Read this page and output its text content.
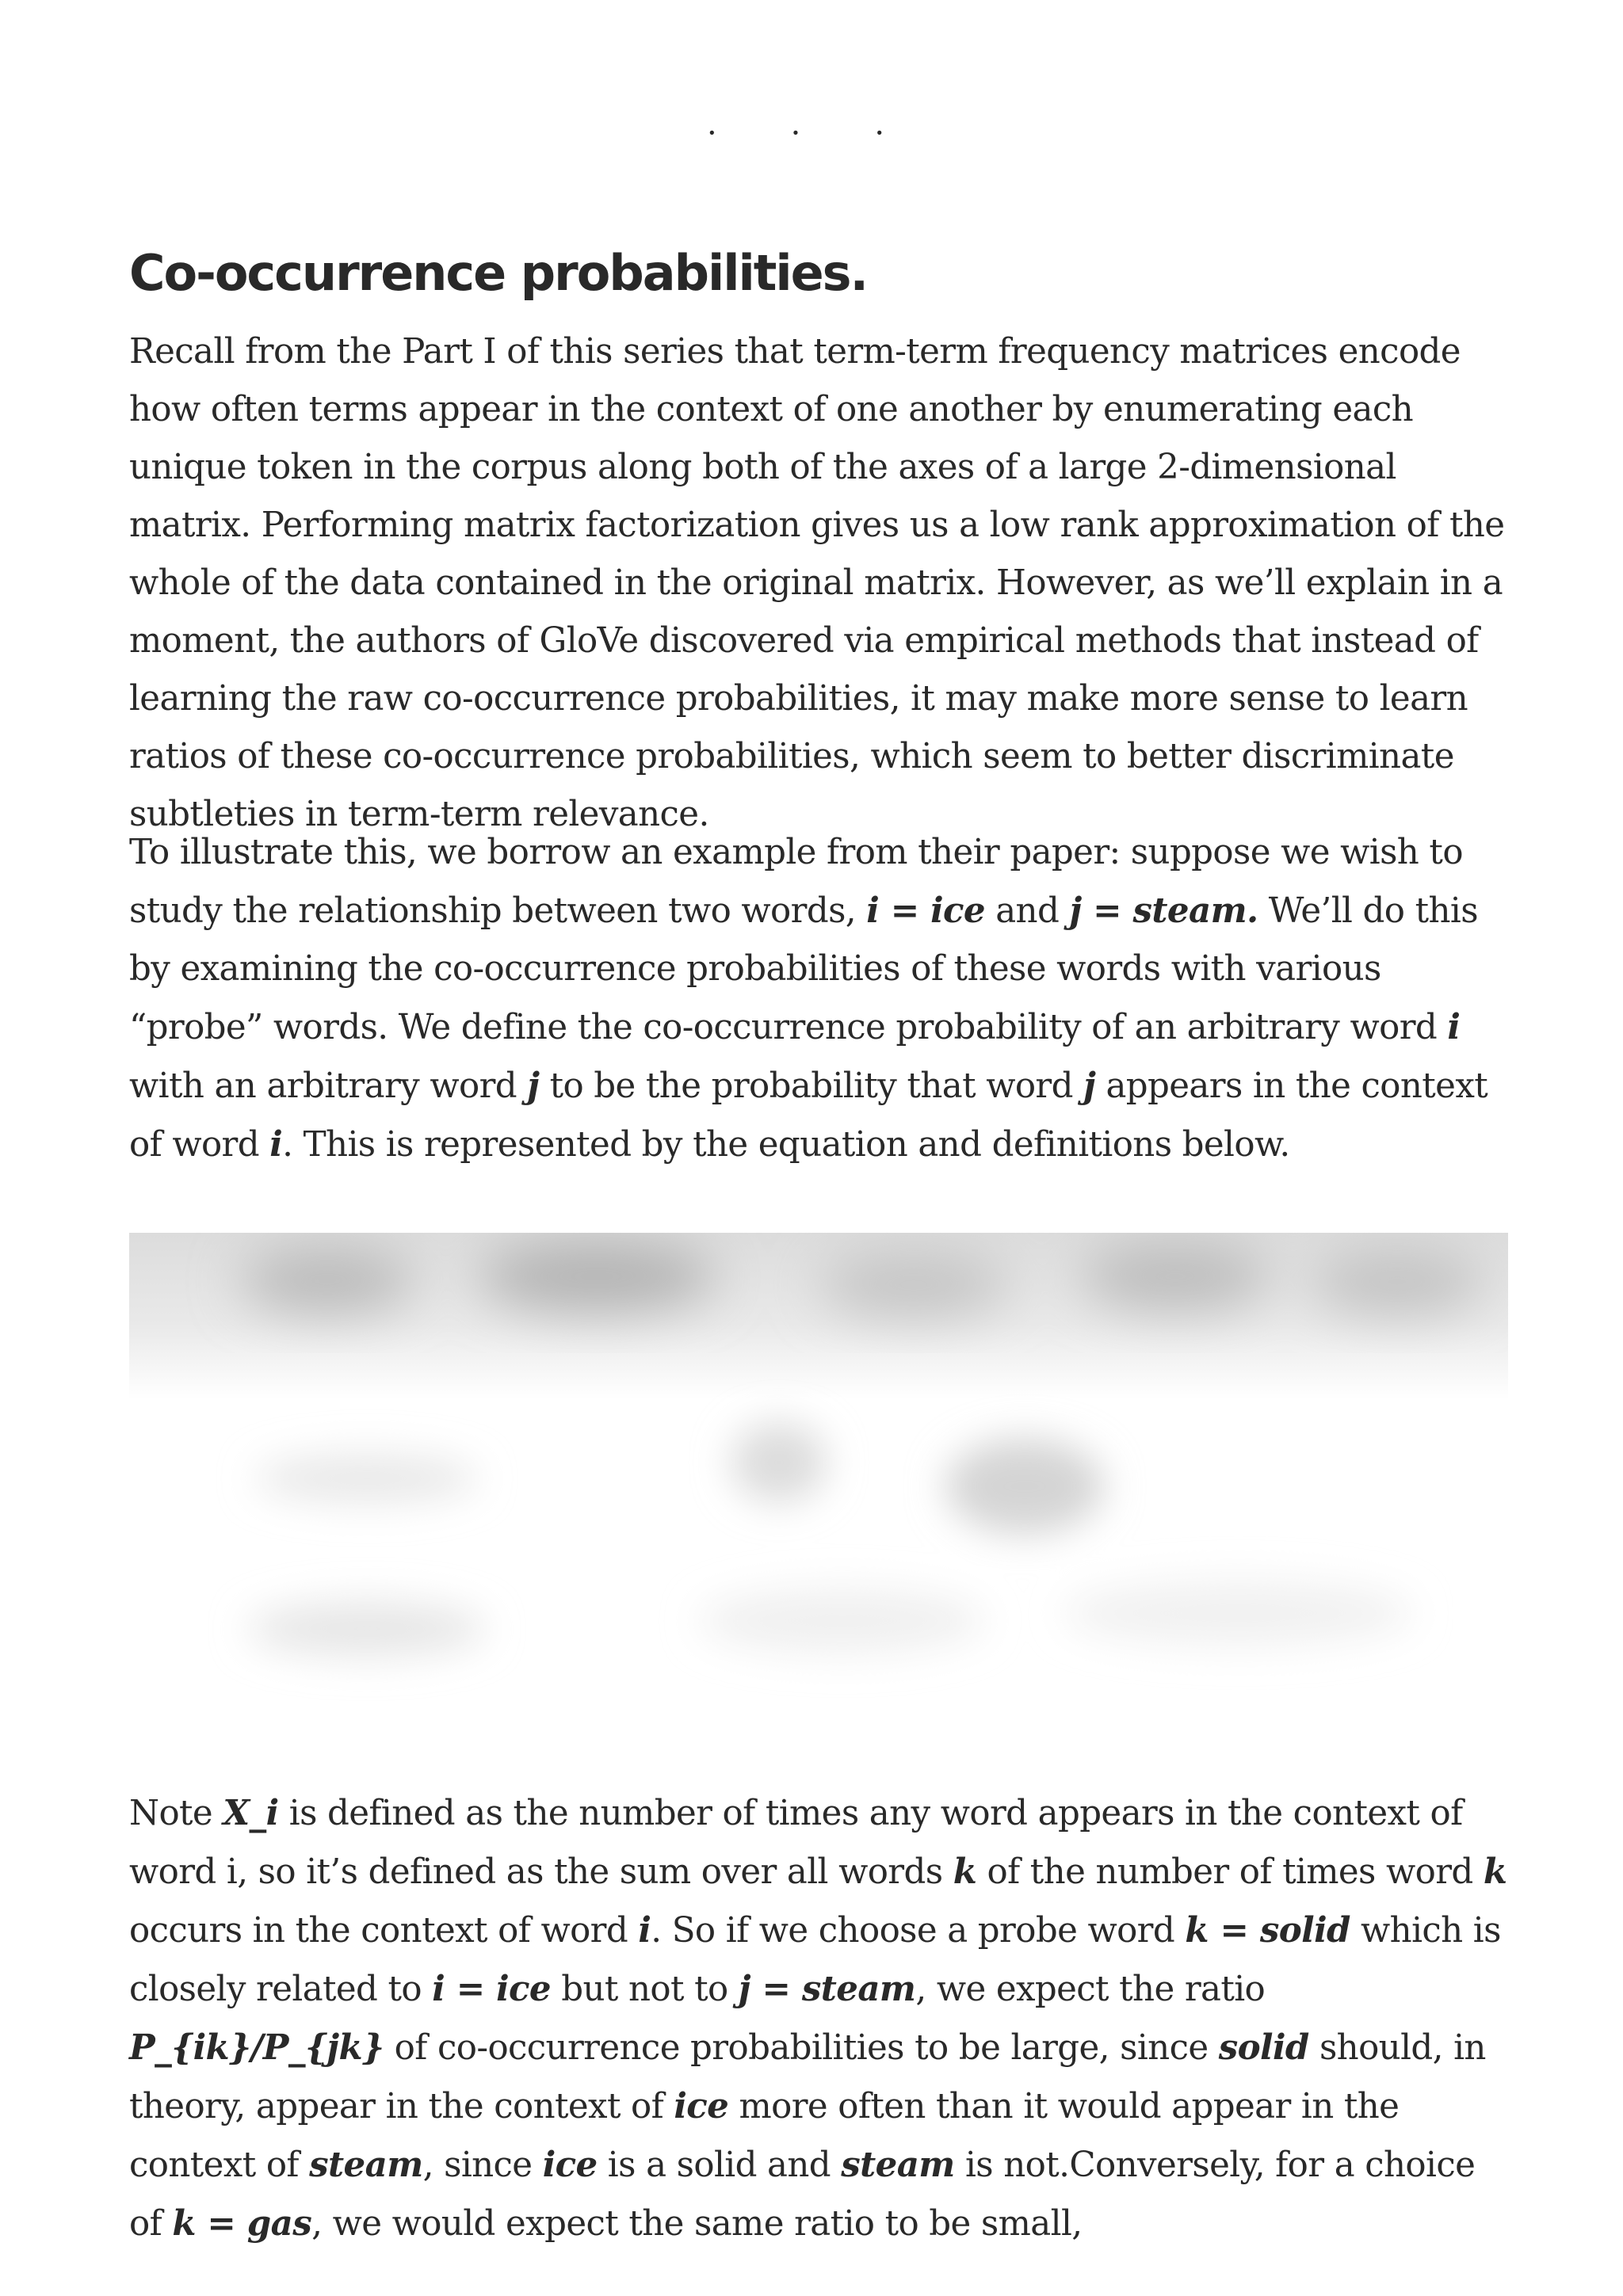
· · ·
Co-occurrence probabilities.

Recall from the Part I of this series that term-term frequency matrices encode how often terms appear in the context of one another by enumerating each unique token in the corpus along both of the axes of a large 2-dimensional matrix. Performing matrix factorization gives us a low rank approximation of the whole of the data contained in the original matrix. However, as we’ll explain in a moment, the authors of GloVe discovered via empirical methods that instead of learning the raw co-occurrence probabilities, it may make more sense to learn ratios of these co-occurrence probabilities, which seem to better discriminate subtleties in term-term relevance.

To illustrate this, we borrow an example from their paper: suppose we wish to study the relationship between two words, i = ice and j = steam. We’ll do this by examining the co-occurrence probabilities of these words with various “probe” words. We define the co-occurrence probability of an arbitrary word i with an arbitrary word j to be the probability that word j appears in the context of word i. This is represented by the equation and definitions below.

Note X_i is defined as the number of times any word appears in the context of word i, so it’s defined as the sum over all words k of the number of times word k occurs in the context of word i. So if we choose a probe word k = solid which is closely related to i = ice but not to j = steam, we expect the ratio P_{ik}/P_{jk} of co-occurrence probabilities to be large, since solid should, in theory, appear in the context of ice more often than it would appear in the context of steam, since ice is a solid and steam is not.Conversely, for a choice of k = gas, we would expect the same ratio to be small,
